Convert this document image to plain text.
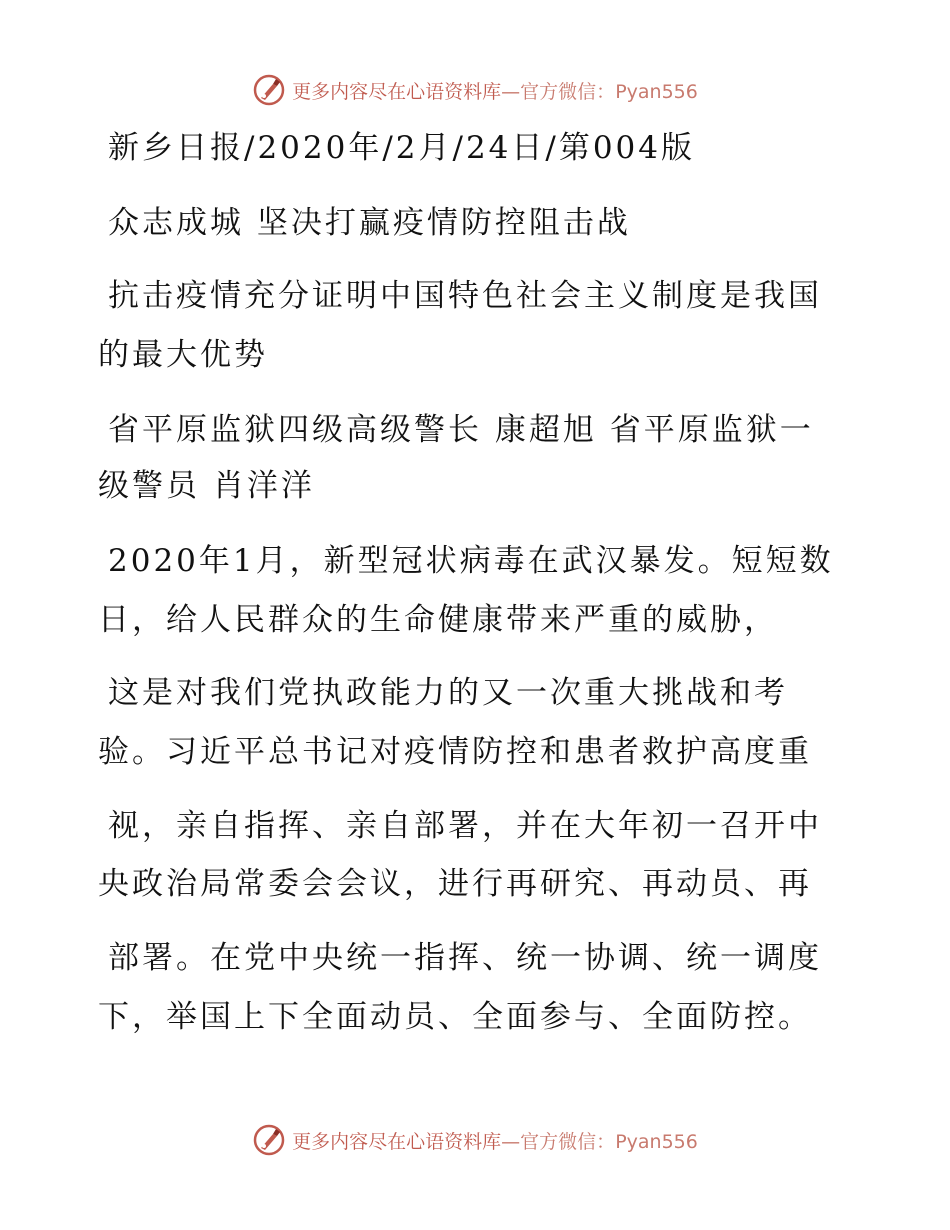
更多内容尽在心语资料库—官方微信：Pyan556
新乡日报/2020年/2月/24日/第004版
众志成城 坚决打赢疫情防控阻击战
抗击疫情充分证明中国特色社会主义制度是我国
的最大优势
省平原监狱四级高级警长 康超旭 省平原监狱一
级警员 肖洋洋
2020年1月，新型冠状病毒在武汉暴发。短短数
日，给人民群众的生命健康带来严重的威胁，
这是对我们党执政能力的又一次重大挑战和考
验。习近平总书记对疫情防控和患者救护高度重
视，亲自指挥、亲自部署，并在大年初一召开中
央政治局常委会会议，进行再研究、再动员、再
部署。在党中央统一指挥、统一协调、统一调度
下，举国上下全面动员、全面参与、全面防控。
更多内容尽在心语资料库—官方微信：Pyan556
